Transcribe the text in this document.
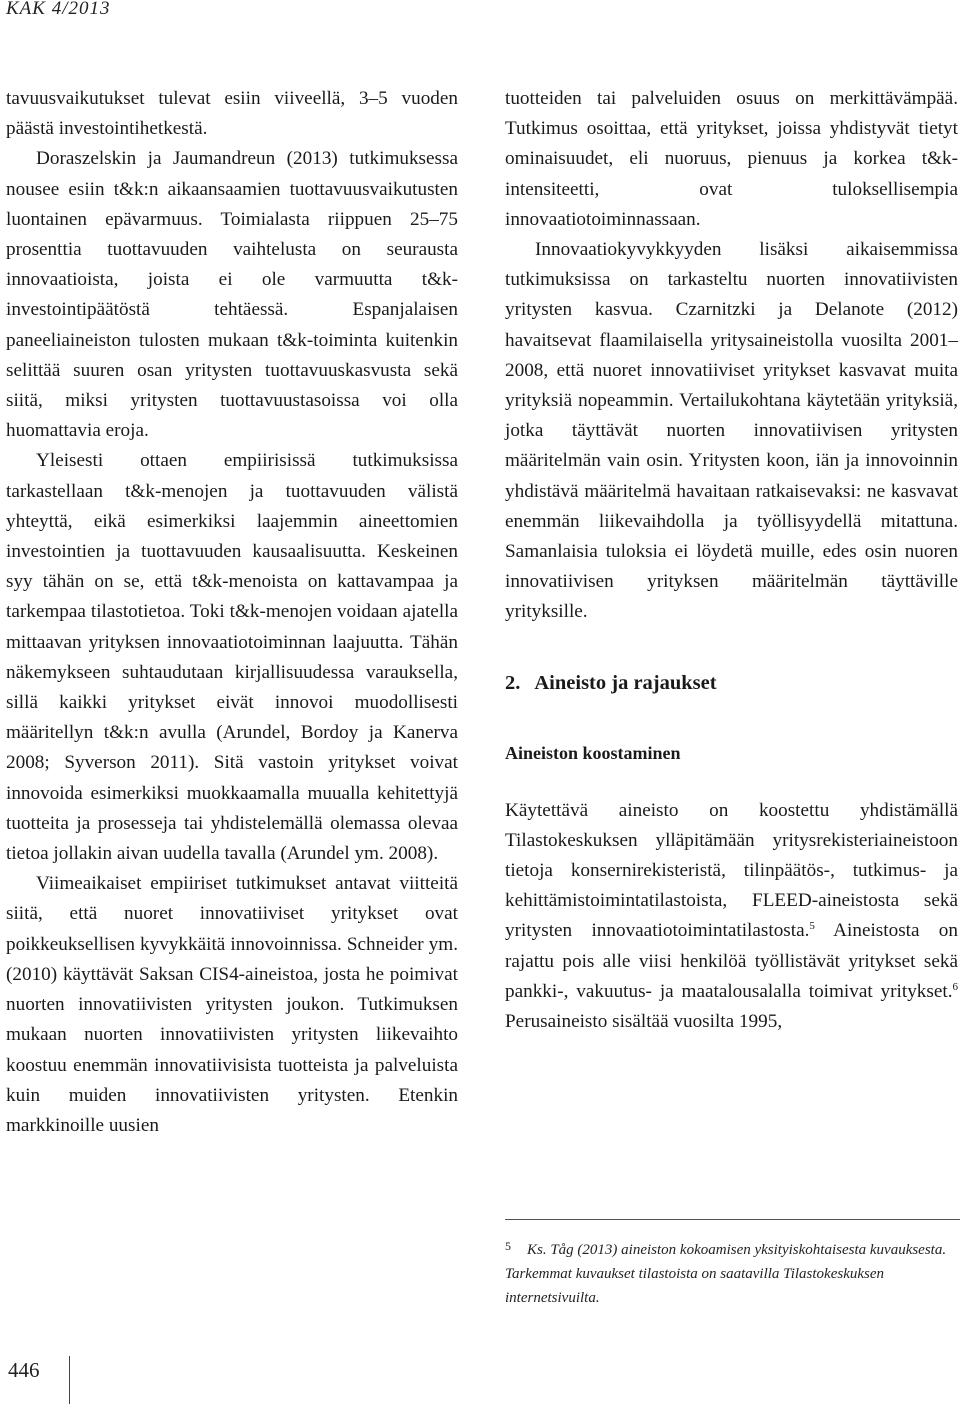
KAK 4/2013

tavuusvaikutukset tulevat esiin viiveellä, 3–5 vuoden päästä investointihetkestä.

Doraszelskin ja Jaumandreun (2013) tutkimuksessa nousee esiin t&k:n aikaansaamien tuottavuusvaikutusten luontainen epävarmuus. Toimialasta riippuen 25–75 prosenttia tuottavuuden vaihtelusta on seurausta innovaatioista, joista ei ole varmuutta t&k-investointipäätöstä tehtäessä. Espanjalaisen paneeliaineiston tulosten mukaan t&k-toiminta kuitenkin selittää suuren osan yritysten tuottavuuskasvusta sekä siitä, miksi yritysten tuottavuustasoissa voi olla huomattavia eroja.

Yleisesti ottaen empiirisissä tutkimuksissa tarkastellaan t&k-menojen ja tuottavuuden välistä yhteyttä, eikä esimerkiksi laajemmin aineettomien investointien ja tuottavuuden kausaalisuutta. Keskeinen syy tähän on se, että t&k-menoista on kattavampaa ja tarkempaa tilastotietoa. Toki t&k-menojen voidaan ajatella mittaavan yrityksen innovaatiotoiminnan laajuutta. Tähän näkemykseen suhtaudutaan kirjallisuudessa varauksella, sillä kaikki yritykset eivät innovoi muodollisesti määritellyn t&k:n avulla (Arundel, Bordoy ja Kanerva 2008; Syverson 2011). Sitä vastoin yritykset voivat innovoida esimerkiksi muokkaamalla muualla kehitettyjä tuotteita ja prosesseja tai yhdistelemällä olemassa olevaa tietoa jollakin aivan uudella tavalla (Arundel ym. 2008).

Viimeaikaiset empiiriset tutkimukset antavat viitteitä siitä, että nuoret innovatiiviset yritykset ovat poikkeuksellisen kyvykkäitä innovoinnissa. Schneider ym. (2010) käyttävät Saksan CIS4-aineistoa, josta he poimivat nuorten innovatiivisten yritysten joukon. Tutkimuksen mukaan nuorten innovatiivisten yritysten liikevaihto koostuu enemmän innovatiivisista tuotteista ja palveluista kuin muiden innovatiivisten yritysten. Etenkin markkinoille uusien

tuotteiden tai palveluiden osuus on merkittävämpää. Tutkimus osoittaa, että yritykset, joissa yhdistyvät tietyt ominaisuudet, eli nuoruus, pienuus ja korkea t&k-intensiteetti, ovat tuloksellisempia innovaatiotoiminnassaan.

Innovaatiokyvykkyyden lisäksi aikaisemmissa tutkimuksissa on tarkasteltu nuorten innovatiivisten yritysten kasvua. Czarnitzki ja Delanote (2012) havaitsevat flaamilaisella yritysaineistolla vuosilta 2001–2008, että nuoret innovatiiviset yritykset kasvavat muita yrityksiä nopeammin. Vertailukohtana käytetään yrityksiä, jotka täyttävät nuorten innovatiivisen yritysten määritelmän vain osin. Yritysten koon, iän ja innovoinnin yhdistävä määritelmä havaitaan ratkaisevaksi: ne kasvavat enemmän liikevaihdolla ja työllisyydellä mitattuna. Samanlaisia tuloksia ei löydetä muille, edes osin nuoren innovatiivisen yrityksen määritelmän täyttäville yrityksille.

2. Aineisto ja rajaukset
Aineiston koostaminen

Käytettävä aineisto on koostettu yhdistämällä Tilastokeskuksen ylläpitämään yritysrekisteriaineistoon tietoja konsernirekisteristä, tilinpäätös-, tutkimus- ja kehittämistoimintatilastoista, FLEED-aineistosta sekä yritysten innovaatiotoimintatilastosta.$^5$ Aineistosta on rajattu pois alle viisi henkilöä työllistävät yritykset sekä pankki-, vakuutus- ja maatalousalalla toimivat yritykset.$^6$ Perusaineisto sisältää vuosilta 1995,

5 Ks. Tåg (2013) aineiston kokoamisen yksityiskohtaisesta kuvauksesta. Tarkemmat kuvaukset tilastoista on saatavilla Tilastokeskuksen internetsivuilta.
446
